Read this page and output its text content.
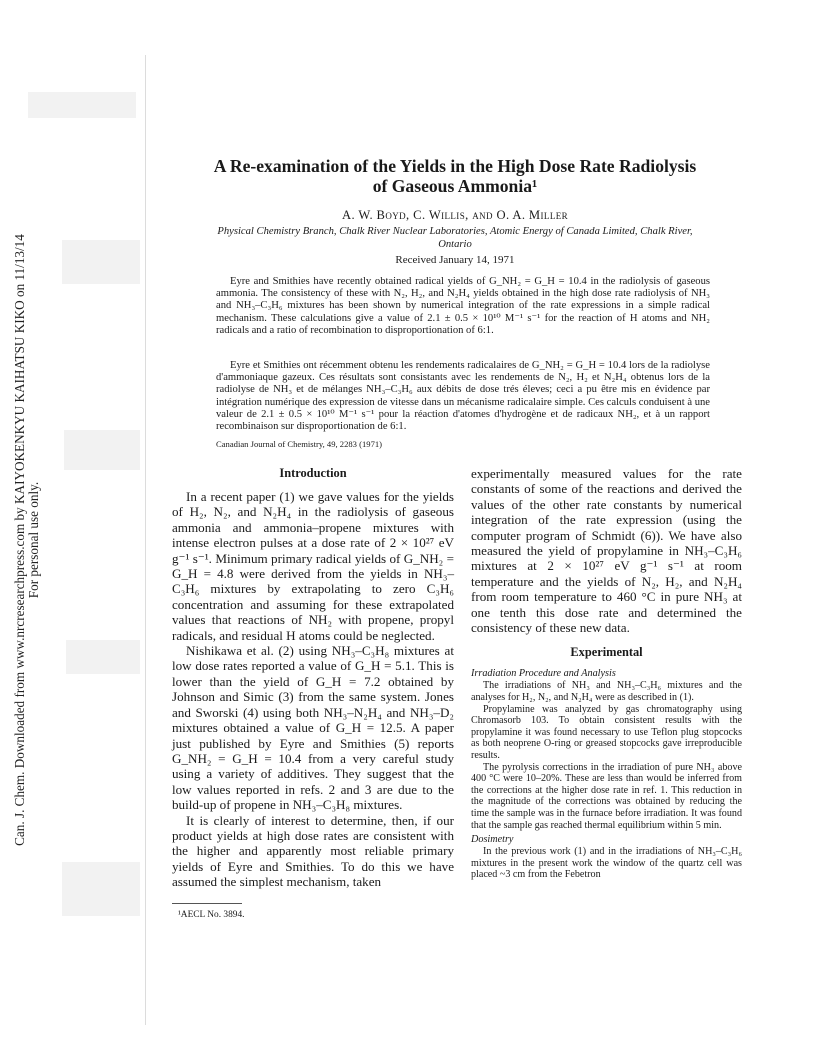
Can. J. Chem. Downloaded from www.nrcresearchpress.com by KAIYOKENKYU KAIHATSU KIKO on 11/13/14 For personal use only.
A Re-examination of the Yields in the High Dose Rate Radiolysis of Gaseous Ammonia¹
A. W. Boyd, C. Willis, and O. A. Miller
Physical Chemistry Branch, Chalk River Nuclear Laboratories, Atomic Energy of Canada Limited, Chalk River, Ontario
Received January 14, 1971

Eyre and Smithies have recently obtained radical yields of G_NH₂ = G_H = 10.4 in the radiolysis of gaseous ammonia. The consistency of these with N₂, H₂, and N₂H₄ yields obtained in the high dose rate radiolysis of NH₃ and NH₃–C₃H₆ mixtures has been shown by numerical integration of the rate expressions in a simple radical mechanism. These calculations give a value of 2.1 ± 0.5 × 10¹⁰ M⁻¹ s⁻¹ for the reaction of H atoms and NH₂ radicals and a ratio of recombination to disproportionation of 6:1.

Eyre et Smithies ont récemment obtenu les rendements radicalaires de G_NH₂ = G_H = 10.4 lors de la radiolyse d'ammoniaque gazeux. Ces résultats sont consistants avec les rendements de N₂, H₂ et N₂H₄ obtenus lors de la radiolyse de NH₃ et de mélanges NH₃–C₃H₆ aux débits de dose trés éleves; ceci a pu être mis en évidence par intégration numérique des expression de vitesse dans un mécanisme radicalaire simple. Ces calculs conduisent à une valeur de 2.1 ± 0.5 × 10¹⁰ M⁻¹ s⁻¹ pour la réaction d'atomes d'hydrogène et de radicaux NH₂, et à un rapport recombinaison sur disproportionation de 6:1.

Canadian Journal of Chemistry, 49, 2283 (1971)
Introduction

In a recent paper (1) we gave values for the yields of H₂, N₂, and N₂H₄ in the radiolysis of gaseous ammonia and ammonia–propene mixtures with intense electron pulses at a dose rate of 2 × 10²⁷ eV g⁻¹ s⁻¹. Minimum primary radical yields of G_NH₂ = G_H = 4.8 were derived from the yields in NH₃–C₃H₆ mixtures by extrapolating to zero C₃H₆ concentration and assuming for these extrapolated values that reactions of NH₂ with propene, propyl radicals, and residual H atoms could be neglected.

Nishikawa et al. (2) using NH₃–C₃H₈ mixtures at low dose rates reported a value of G_H = 5.1. This is lower than the yield of G_H = 7.2 obtained by Johnson and Simic (3) from the same system. Jones and Sworski (4) using both NH₃–N₂H₄ and NH₃–D₂ mixtures obtained a value of G_H = 12.5. A paper just published by Eyre and Smithies (5) reports G_NH₂ = G_H = 10.4 from a very careful study using a variety of additives. They suggest that the low values reported in refs. 2 and 3 are due to the build-up of propene in NH₃–C₃H₈ mixtures.

It is clearly of interest to determine, then, if our product yields at high dose rates are consistent with the higher and apparently most reliable primary yields of Eyre and Smithies. To do this we have assumed the simplest mechanism, taken

¹AECL No. 3894.

experimentally measured values for the rate constants of some of the reactions and derived the values of the other rate constants by numerical integration of the rate expression (using the computer program of Schmidt (6)). We have also measured the yield of propylamine in NH₃–C₃H₆ mixtures at 2 × 10²⁷ eV g⁻¹ s⁻¹ at room temperature and the yields of N₂, H₂, and N₂H₄ from room temperature to 460 °C in pure NH₃ at one tenth this dose rate and determined the consistency of these new data.

Experimental
Irradiation Procedure and Analysis

The irradiations of NH₃ and NH₃–C₃H₆ mixtures and the analyses for H₂, N₂, and N₂H₄ were as described in (1).

Propylamine was analyzed by gas chromatography using Chromasorb 103. To obtain consistent results with the propylamine it was found necessary to use Teflon plug stopcocks as both neoprene O-ring or greased stopcocks gave irreproducible results.

The pyrolysis corrections in the irradiation of pure NH₃ above 400 °C were 10–20%. These are less than would be inferred from the corrections at the higher dose rate in ref. 1. This reduction in the magnitude of the corrections was obtained by reducing the time the sample was in the furnace before irradiation. It was found that the sample gas reached thermal equilibrium within 5 min.

Dosimetry

In the previous work (1) and in the irradiations of NH₃–C₃H₆ mixtures in the present work the window of the quartz cell was placed ~3 cm from the Febetron
